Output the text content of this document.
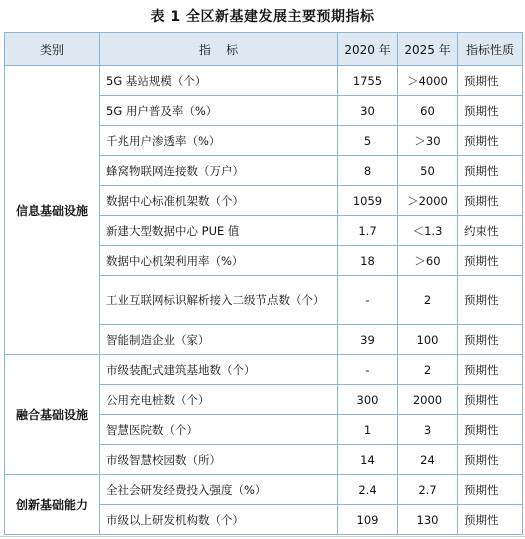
表 1 全区新基建发展主要预期指标
类别	指    标	2020 年	2025 年	指标性质
信息基础设施	5G 基站规模（个）	1755	＞4000	预期性
	5G 用户普及率（%）	30	60	预期性
	千兆用户渗透率（%）	5	＞30	预期性
	蜂窝物联网连接数（万户）	8	50	预期性
	数据中心标准机架数（个）	1059	＞2000	预期性
	新建大型数据中心 PUE 值	1.7	＜1.3	约束性
	数据中心机架利用率（%）	18	＞60	预期性
	工业互联网标识解析接入二级节点数（个）	-	2	预期性
	智能制造企业（家）	39	100	预期性
融合基础设施	市级装配式建筑基地数（个）	-	2	预期性
	公用充电桩数（个）	300	2000	预期性
	智慧医院数（个）	1	3	预期性
	市级智慧校园数（所）	14	24	预期性
创新基础能力	全社会研发经费投入强度（%）	2.4	2.7	预期性
	市级以上研发机构数（个）	109	130	预期性
